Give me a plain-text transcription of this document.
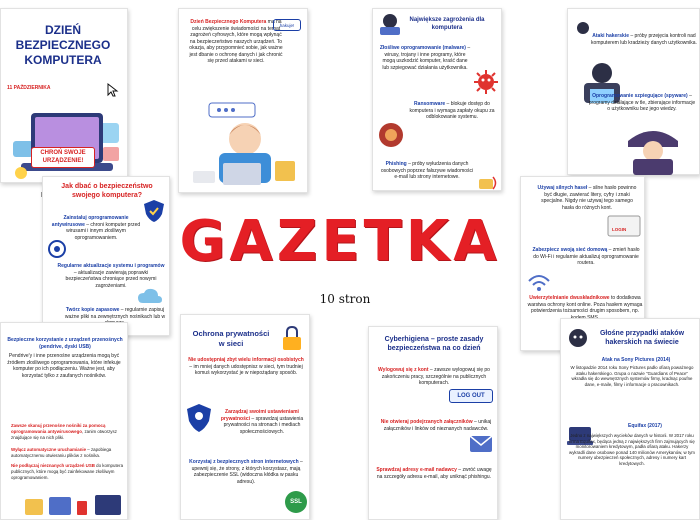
DZIEŃ
BEZPIECZNEGO
KOMPUTERA
11 PAŹDZIERNIKA
CHROŃ SWOJE URZĄDZENIE!
Dzień Bezpiecznego Komputera ma na celu zwiększenie świadomości na temat zagrożeń cyfrowych, które mogą wpłynąć na bezpieczeństwo naszych urządzeń. To okazja, aby przypomnieć sobie, jak ważne jest dbanie o ochronę danych i jak chronić się przed atakami w sieci.
hakuje!
Największe zagrożenia dla komputera
Złośliwe oprogramowanie (malware) – wirusy, trojany i inne programy, które mogą uszkodzić komputer, kraść dane lub szpiegować działania użytkownika.
Ransomware – blokuje dostęp do komputera i wymaga zapłaty okupu za odblokowanie systemu.
Phishing – próby wyłudzenia danych osobowych poprzez fałszywe wiadomości e-mail lub strony internetowe.
Ataki hakerskie – próby przejęcia kontroli nad komputerem lub kradzieży danych użytkownika.
Oprogramowanie szpiegujące (spyware) – programy działające w tle, zbierające informacje o użytkowniku bez jego wiedzy.
Jak dbać o bezpieczeństwo swojego komputera?
Zainstaluj oprogramowanie antywirusowe – chroni komputer przed wirusami i innym złośliwym oprogramowaniem.
Regularne aktualizacje systemu i programów – aktualizacje zawierają poprawki bezpieczeństwa chroniące przed nowymi zagrożeniami.
Twórz kopie zapasowe – regularnie zapisuj ważne pliki na zewnętrznych nośnikach lub w
Używaj silnych haseł – silne hasło powinno być długie, zawierać litery, cyfry i znaki specjalne. Nigdy nie używaj tego samego hasła do różnych kont.
LOGIN
Zabezpiecz swoją sieć domową – zmień hasło do Wi-Fi i regularnie aktualizuj oprogramowanie routera.
Uwierzytelnianie dwuskładnikowe to dodatkowa warstwa ochrony kont online. Poza hasłem wymaga potwierdzenia tożsamości drugim sposobem, np.
Bezpieczne korzystanie z urządzeń przenośnych (pendrive, dyski USB)
Pendrive'y i inne przenośne urządzenia mogą być źródłem złośliwego oprogramowania, które infekuje komputer po ich podłączeniu. Ważne jest, aby korzystać tylko z zaufanych nośników.
Zawsze skanuj przenośne nośniki za pomocą oprogramowania antywirusowego, zanim otworzysz znajdujące się na nich pliki.
Wyłącz automatyczne uruchamianie – zapobiega automatycznemu otwieraniu plików z nośnika.
Nie podłączaj nieznanych urządzeń USB do komputera publicznych, które mogą być zainfekowane złośliwym oprogramowaniem.
Ochrona prywatności w sieci
Nie udostępniaj zbyt wielu informacji osobistych – im mniej danych udostępnisz w sieci, tym trudniej komuś wykorzystać je w niepożądany sposób.
Zarządzaj swoimi ustawieniami prywatności – sprawdzaj ustawienia prywatności na stronach i mediach społecznościowych.
Korzystaj z bezpiecznych stron internetowych – upewnij się, że strony, z których korzystasz, mają zabezpieczenie SSL (widoczna kłódka w pasku adresu).
SSL
Cyberhigiena – proste zasady bezpieczeństwa na co dzień
Wylogowuj się z kont – zawsze wylogowuj się po zakończeniu pracy, szczególnie na publicznych komputerach.
LOG OUT
Nie otwieraj podejrzanych załączników – unikaj załączników i linków od nieznanych nadawców.
Sprawdzaj adresy e-mail nadawcy – zwróć uwagę na szczegóły adresu e-mail, aby uniknąć phishingu.
Głośne przypadki ataków hakerskich na świecie
Atak na Sony Pictures (2014)
W listopadzie 2014 roku Sony Pictures padło ofiarą poważnego ataku hakerskiego. Grupa o nazwie "Guardians of Peace" wkradła się do wewnętrznych systemów firmy, kradnąc poufne dane, e-maile, filmy i informacje o pracownikach.
Equifax (2017)
Jedno z największych wycieków danych w historii. W 2017 roku firma Equifax, będąca jedną z największych firm zajmujących się monitorowaniem kredytowym, padła ofiarą ataku. Hakerzy wykradli dane osobowe ponad 140 milionów Amerykanów, w tym numery ubezpieczeń społecznych, adresy i numery kart kredytowych.
GAZETKA
10 stron
